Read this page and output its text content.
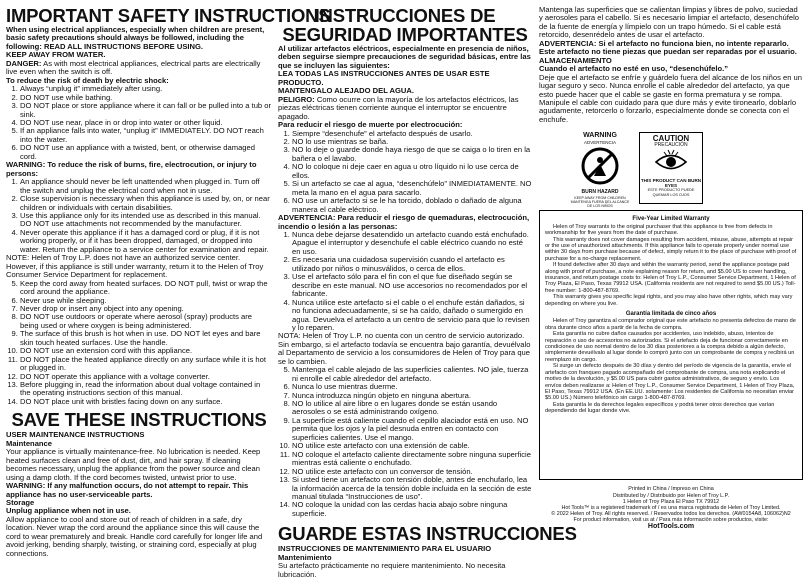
IMPORTANT SAFETY INSTRUCTIONS

When using electrical appliances, especially when children are present, basic safety precautions should always be followed, including the following: READ ALL INSTRUCTIONS BEFORE USING.

KEEP AWAY FROM WATER.

DANGER: As with most electrical appliances, electrical parts are electrically live even when the switch is off.

To reduce the risk of death by electric shock:

1. Always “unplug it” immediately after using.
2. DO NOT use while bathing.
3. DO NOT place or store appliance where it can fall or be pulled into a tub or sink.
4. DO NOT use near, place in or drop into water or other liquid.
5. If an appliance falls into water, “unplug it” IMMEDIATELY. DO NOT reach into the water.
6. DO NOT use an appliance with a twisted, bent, or otherwise damaged cord.

WARNING: To reduce the risk of burns, fire, electrocution, or injury to persons:

1. An appliance should never be left unattended when plugged in. Turn off the switch and unplug the electrical cord when not in use.
2. Close supervision is necessary when this appliance is used by, on, or near children or individuals with certain disabilities.
3. Use this appliance only for its intended use as described in this manual. DO NOT use attachments not recommended by the manufacturer.
4. Never operate this appliance if it has a damaged cord or plug, if it is not working properly, or if it has been dropped, damaged, or dropped into water. Return the appliance to a service center for examination and repair.

NOTE: Helen of Troy L.P. does not have an authorized service center. However, if this appliance is still under warranty, return it to the Helen of Troy Consumer Service Department for replacement.

5. Keep the cord away from heated surfaces. DO NOT pull, twist or wrap the cord around the appliance.
6. Never use while sleeping.
7. Never drop or insert any object into any opening.
8. DO NOT use outdoors or operate where aerosol (spray) products are being used or where oxygen is being administered.
9. The surface of this brush is hot when in use. DO NOT let eyes and bare skin touch heated surfaces. Use the handle.
10. DO NOT use an extension cord with this appliance.
11. DO NOT place the heated appliance directly on any surface while it is hot or plugged in.
12. DO NOT operate this appliance with a voltage converter.
13. Before plugging in, read the information about dual voltage contained in the operating instructions section of this manual.
14. DO NOT place unit with bristles facing down on any surface.
SAVE THESE INSTRUCTIONS

USER MAINTENANCE INSTRUCTIONS

Maintenance

Your appliance is virtually maintenance-free. No lubrication is needed. Keep heated surfaces clean and free of dust, dirt, and hair spray. If cleaning becomes necessary, unplug the appliance from the power source and clean using a damp cloth. If the cord becomes twisted, untwist prior to use.

WARNING: If any malfunction occurs, do not attempt to repair. This appliance has no user-serviceable parts.

Storage

Unplug appliance when not in use.

Allow appliance to cool and store out of reach of children in a safe, dry location. Never wrap the cord around the appliance since this will cause the cord to wear prematurely and break. Handle cord carefully for longer life and avoid jerking, bending sharply, twisting, or straining cord, especially at plug connections.

INSTRUCCIONES DE SEGURIDAD IMPORTANTES

Al utilizar artefactos eléctricos, especialmente en presencia de niños, deben seguirse siempre precauciones de seguridad básicas, entre las que se incluyen las siguientes:

LEA TODAS LAS INSTRUCCIONES ANTES DE USAR ESTE PRODUCTO.

MANTENGALO ALEJADO DEL AGUA.

PELIGRO: Como ocurre con la mayoría de los artefactos eléctricos, las piezas eléctricas tienen corriente aunque el interruptor se encuentre apagado.

Para reducir el riesgo de muerte por electrocución:

1. Siempre “desenchufe” el artefacto después de usarlo.
2. NO lo use mientras se baña.
3. NO lo deje o guarde donde haya riesgo de que se caiga o lo tiren en la bañera o el lavabo.
4. NO lo coloque ni deje caer en agua u otro líquido ni lo use cerca de ellos.
5. Si un artefacto se cae al agua, “desenchúfelo” INMEDIATAMENTE. NO meta la mano en el agua para sacarlo.
6. NO use un artefacto si se le ha torcido, doblado o dañado de alguna manera el cable eléctrico.

ADVERTENCIA: Para reducir el riesgo de quemaduras, electrocución, incendio o lesión a las personas:

1. Nunca debe dejarse desatendido un artefacto cuando está enchufado. Apague el interruptor y desenchufe el cable eléctrico cuando no esté en uso.
2. Es necesaria una cuidadosa supervisión cuando el artefacto es utilizado por niños o minusválidos, o cerca de ellos.
3. Use el artefacto sólo para el fin con el que fue diseñado según se describe en este manual. NO use accesorios no recomendados por el fabricante.
4. Nunca utilice este artefacto si el cable o el enchufe están dañados, si no funciona adecuadamente, si se ha caído, dañado o sumergido en agua. Devuelva el artefacto a un centro de servicio para que lo revisen y lo reparen.

NOTA: Helen of Troy L.P. no cuenta con un centro de servicio autorizado. Sin embargo, si el artefacto todavía se encuentra bajo garantía, devuélvalo al Departamento de servicio a los consumidores de Helen of Troy para que se lo cambien.

5. Mantenga el cable alejado de las superficies calientes. NO jale, tuerza ni enrolle el cable alrededor del artefacto.
6. Nunca lo use mientras duerme.
7. Nunca introduzca ningún objeto en ninguna abertura.
8. NO lo utilice al aire libre o en lugares donde se están usando aerosoles o se está administrando oxígeno.
9. La superficie está caliente cuando el cepillo alaciador está en uso. NO permita que los ojos y la piel desnuda entren en contacto con superficies calientes. Use el mango.
10. NO utilice este artefacto con una extensión de cable.
11. NO coloque el artefacto caliente directamente sobre ninguna superficie mientras está caliente o enchufado.
12. NO utilice este artefacto con un conversor de tensión.
13. Si usted tiene un artefacto con tensión doble, antes de enchufarlo, lea la información acerca de la tensión doble incluida en la sección de este manual titulada “Instrucciones de uso”.
14. NO coloque la unidad con las cerdas hacia abajo sobre ninguna superficie.
GUARDE ESTAS INSTRUCCIONES

INSTRUCCIONES DE MANTENIMIENTO PARA EL USUARIO

Mantenimiento

Su artefacto prácticamente no requiere mantenimiento. No necesita lubricación.

Mantenga las superficies que se calientan limpias y libres de polvo, suciedad y aerosoles para el cabello. Si es necesario limpiar el artefacto, desenchúfelo de la fuente de energía y límpielo con un trapo húmedo. Si el cable está retorcido, desenrédelo antes de usar el artefacto.

ADVERTENCIA: Si el artefacto no funciona bien, no intente repararlo. Este artefacto no tiene piezas que puedan ser reparadas por el usuario.

ALMACENAMIENTO

Cuando el artefacto no esté en uso, “desenchúfelo.”

Deje que el artefacto se enfríe y guárdelo fuera del alcance de los niños en un lugar seguro y seco. Nunca enrolle el cable alrededor del artefacto, ya que esto puede hacer que el cable se gaste en forma prematura y se rompa. Manipule el cable con cuidado para que dure más y evite tironearlo, doblarlo agudamente, retorcerlo o forzarlo, especialmente donde se conecta con el enchufe.

WARNING
ADVERTENCIA
BURN HAZARD
KEEP AWAY FROM CHILDREN
MANTENGA FUERA DEL ALCANCE DE LOS NIÑOS
CAUTION
PRECAUCIÓN
THIS PRODUCT CAN BURN EYES
ESTE PRODUCTO PUEDE QUEMAR LOS OJOS

Five-Year Limited Warranty

Helen of Troy warrants to the original purchaser that this appliance is free from defects in workmanship for five years from the date of purchase.

This warranty does not cover damages resulting from accident, misuse, abuse, attempts at repair or the use of unauthorized attachments. If this appliance fails to operate properly under normal use within 30 days from purchase because of defect, simply return it to the place of purchase with proof of purchase for a no-charge replacement.

If found defective after 30 days and within the warranty period, send the appliance postage paid along with proof of purchase, a note explaining reason for return, and $5.00 US to cover handling, insurance, and return postage costs to: Helen of Troy L.P., Consumer Service Department, 1 Helen of Troy Plaza, El Paso, Texas 79912 USA. (California residents are not required to send $5.00 US.) Toll-free number: 1-800-487-8769.

This warranty gives you specific legal rights, and you may also have other rights, which may vary depending on where you live.

Garantía limitada de cinco años

Helen of Troy garantiza al comprador original que este artefacto no presenta defectos de mano de obra durante cinco años a partir de la fecha de compra.

Esta garantía no cubre daños causados por accidentes, uso indebido, abuso, intentos de reparación o uso de accesorios no autorizados. Si el artefacto deja de funcionar correctamente en condiciones de uso normal dentro de los 30 días posteriores a la compra debido a algún defecto, simplemente devuélvalo al lugar donde lo compró junto con un comprobante de compra y recibirá un reemplazo sin cargo.

Si surge un defecto después de 30 días y dentro del período de vigencia de la garantía, envíe el artefacto con franqueo pagado acompañado del comprobante de compra, una nota explicando el motivo de la devolución, y $5.00 US para cubrir gastos administrativos, de seguro y envío. Los envíos deben realizarse a: Helen of Troy L.P., Consumer Service Department, 1 Helen of Troy Plaza, El Paso, Texas 79912 USA. (En EE.UU. solamente: Los residentes de California no necesitan enviar $5.00 US.) Número telefónico sin cargo 1-800-487-8769.

Esta garantía le da derechos legales específicos y podrá tener otros derechos que varían dependiendo del lugar donde vive.

Printed in China / Impreso en China
Distributed by / Distribuido por Helen of Troy L.P.
1 Helen of Troy Plaza El Paso TX 79912
Hot Tools™ is a registered trademark of / es una marca registrada de Helen of Troy Limited.
© 2022 Helen of Troy. All rights reserved. / Reservados todos los derechos. (AW0154A8, 106062)N2
For product information, visit us at / Para más información sobre productos, visite:
HotTools.com
